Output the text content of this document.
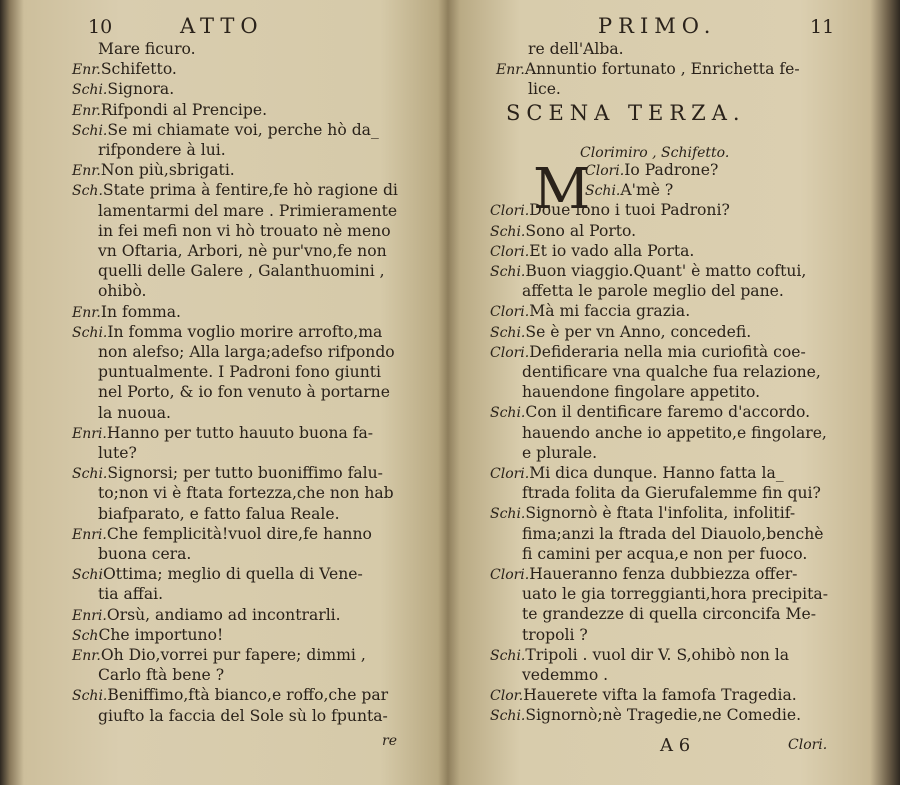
10	ATTO
Mare ficuro.
Enr.Schifetto.
Schi.Signora.
Enr.Rifpondi al Prencipe.
Schi.Se mi chiamate voi, perche hò da_
rifpondere à lui.
Enr.Non più,sbrigati.
Sch.State prima à fentire,fe hò ragione di
lamentarmi del mare . Primieramente
in fei mefi non vi hò trouato nè meno
vn Oftaria, Arbori, nè pur'vno,fe non
quelli delle Galere , Galanthuomini ,
ohibò.
Enr.In fomma.
Schi.In fomma voglio morire arrofto,ma
non alefso; Alla larga;adefso rifpondo
puntualmente. I Padroni fono giunti
nel Porto, & io fon venuto à portarne
la nuoua.
Enri.Hanno per tutto hauuto buona fa-
lute?
Schi.Signorsi; per tutto buoniffimo falu-
to;non vi è ftata fortezza,che non hab
biafparato, e fatto falua Reale.
Enri.Che femplicità!vuol dire,fe hanno
buona cera.
SchiOttima; meglio di quella di Vene-
tia affai.
Enri.Orsù, andiamo ad incontrarli.
SchChe importuno!
Enr.Oh Dio,vorrei pur fapere; dimmi ,
Carlo ftà bene ?
Schi.Beniffimo,ftà bianco,e roffo,che par
giufto la faccia del Sole sù lo fpunta-
re
PRIMO.	11
re dell'Alba.
Enr.Annuntio fortunato , Enrichetta fe-
lice.
SCENA TERZA.
Clorimiro , Schifetto.
M
Clori.Io Padrone?
Schi.A'mè ?
Clori.Doue fono i tuoi Padroni?
Schi.Sono al Porto.
Clori.Et io vado alla Porta.
Schi.Buon viaggio.Quant' è matto coftui,
affetta le parole meglio del pane.
Clori.Mà mi faccia grazia.
Schi.Se è per vn Anno, concedefi.
Clori.Defideraria nella mia curiofità coe-
dentificare vna qualche fua relazione,
hauendone fingolare appetito.
Schi.Con il dentificare faremo d'accordo.
hauendo anche io appetito,e fingolare,
e plurale.
Clori.Mi dica dunque. Hanno fatta la_
ftrada folita da Gierufalemme fin qui?
Schi.Signornò è ftata l'infolita, infolitif-
fima;anzi la ftrada del Diauolo,benchè
fi camini per acqua,e non per fuoco.
Clori.Haueranno fenza dubbiezza offer-
uato le gia torreggianti,hora precipita-
te grandezze di quella circoncifa Me-
tropoli ?
Schi.Tripoli . vuol dir V. S,ohibò non la
vedemmo .
Clor.Hauerete vifta la famofa Tragedia.
Schi.Signornò;nè Tragedie,ne Comedie.
A 6	Clori.
